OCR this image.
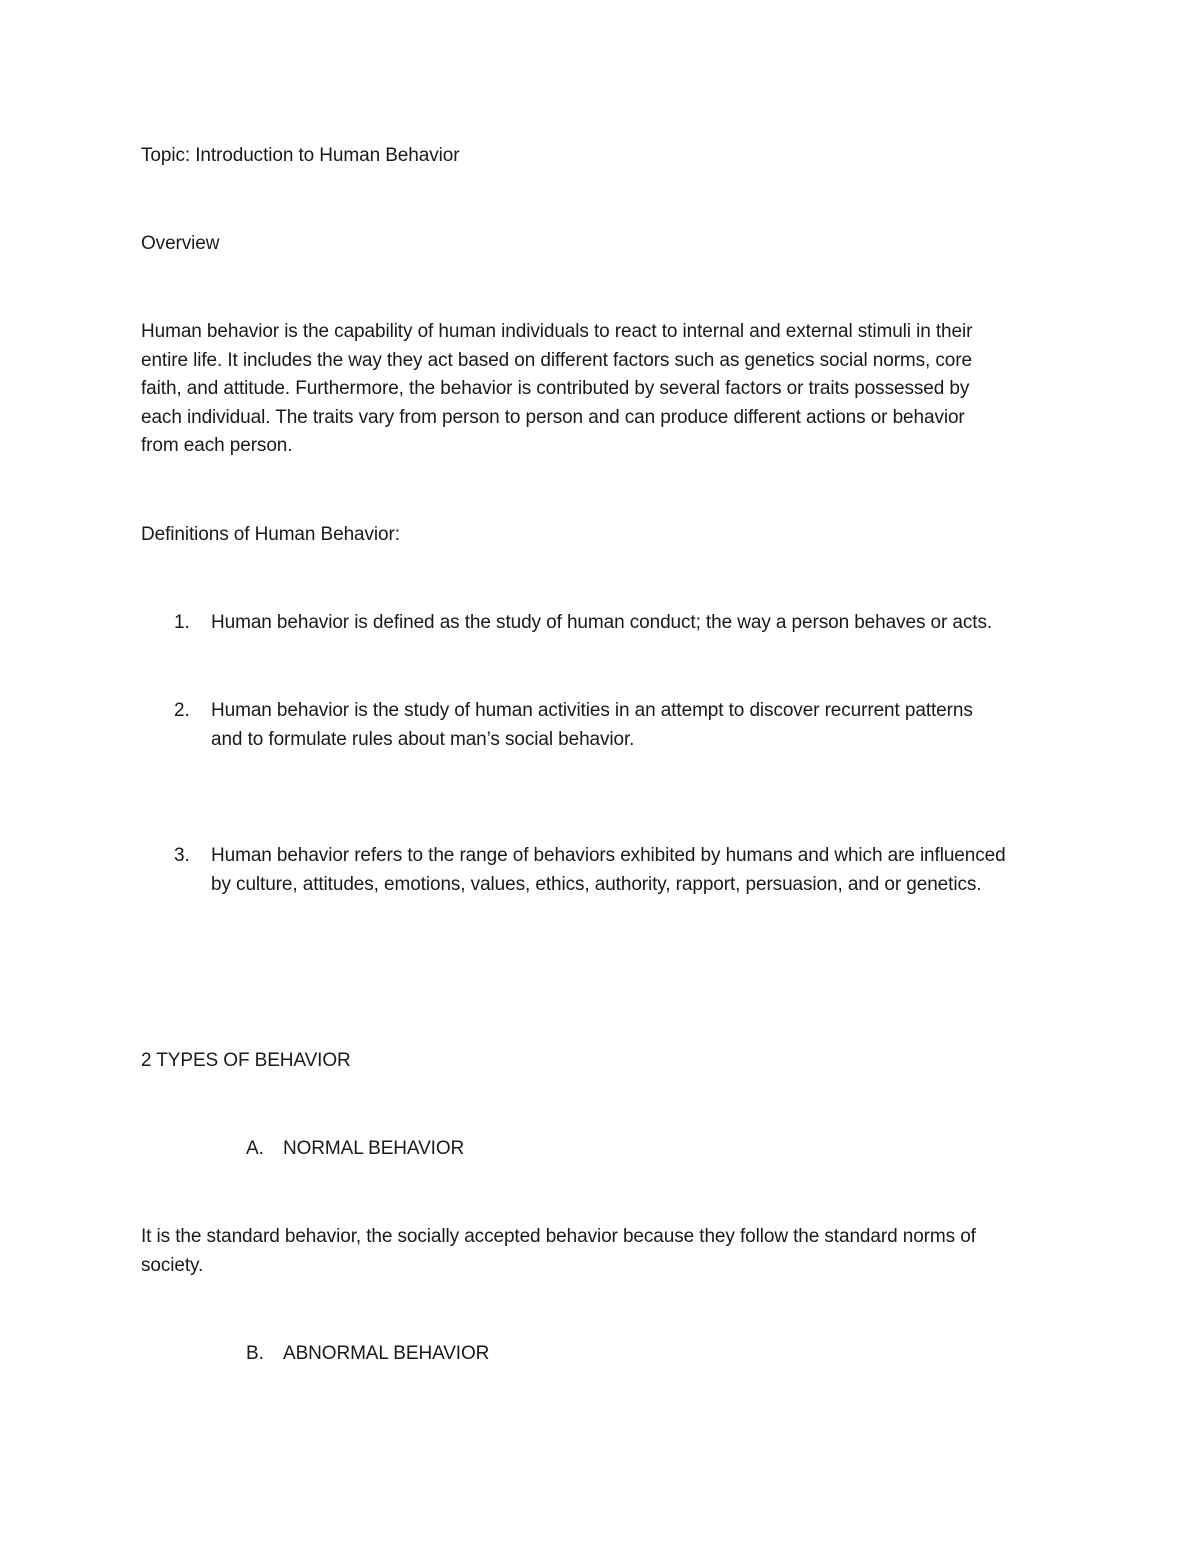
Topic: Introduction to Human Behavior
Overview
Human behavior is the capability of human individuals to react to internal and external stimuli in their
entire life. It includes the way they act based on different factors such as genetics social norms, core
faith, and attitude. Furthermore, the behavior is contributed by several factors or traits possessed by
each individual. The traits vary from person to person and can produce different actions or behavior
from each person.
Definitions of Human Behavior:
1. Human behavior is defined as the study of human conduct; the way a person behaves or acts.
2. Human behavior is the study of human activities in an attempt to discover recurrent patterns
and to formulate rules about man’s social behavior.
3. Human behavior refers to the range of behaviors exhibited by humans and which are influenced
by culture, attitudes, emotions, values, ethics, authority, rapport, persuasion, and or genetics.
2 TYPES OF BEHAVIOR
A. NORMAL BEHAVIOR
It is the standard behavior, the socially accepted behavior because they follow the standard norms of
society.
B. ABNORMAL BEHAVIOR
